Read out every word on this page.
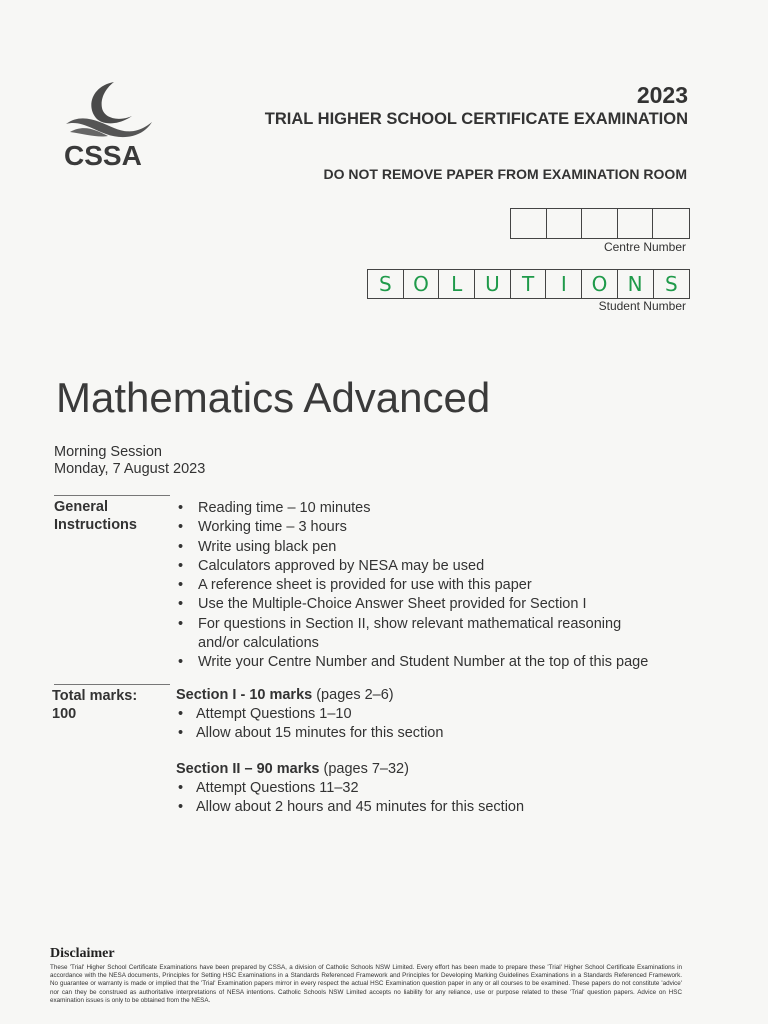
CSSA
2023
TRIAL HIGHER SCHOOL CERTIFICATE EXAMINATION
DO NOT REMOVE PAPER FROM EXAMINATION ROOM
Centre Number
S	O	L	U	T	I	O	N	S
Student Number
Mathematics Advanced
Morning Session
Monday, 7 August 2023
General
Instructions
• Reading time – 10 minutes
• Working time – 3 hours
• Write using black pen
• Calculators approved by NESA may be used
• A reference sheet is provided for use with this paper
• Use the Multiple-Choice Answer Sheet provided for Section I
• For questions in Section II, show relevant mathematical reasoning
and/or calculations
• Write your Centre Number and Student Number at the top of this page
Total marks:
100
Section I - 10 marks (pages 2–6)
• Attempt Questions 1–10
• Allow about 15 minutes for this section
Section II – 90 marks (pages 7–32)
• Attempt Questions 11–32
• Allow about 2 hours and 45 minutes for this section
Disclaimer
These 'Trial' Higher School Certificate Examinations have been prepared by CSSA, a division of Catholic Schools NSW Limited. Every effort has been made to prepare these 'Trial' Higher School Certificate Examinations in accordance with the NESA documents, Principles for Setting HSC Examinations in a Standards Referenced Framework and Principles for Developing Marking Guidelines Examinations in a Standards Referenced Framework. No guarantee or warranty is made or implied that the 'Trial' Examination papers mirror in every respect the actual HSC Examination question paper in any or all courses to be examined. These papers do not constitute 'advice' nor can they be construed as authoritative interpretations of NESA intentions. Catholic Schools NSW Limited accepts no liability for any reliance, use or purpose related to these 'Trial' question papers. Advice on HSC examination issues is only to be obtained from the NESA.
